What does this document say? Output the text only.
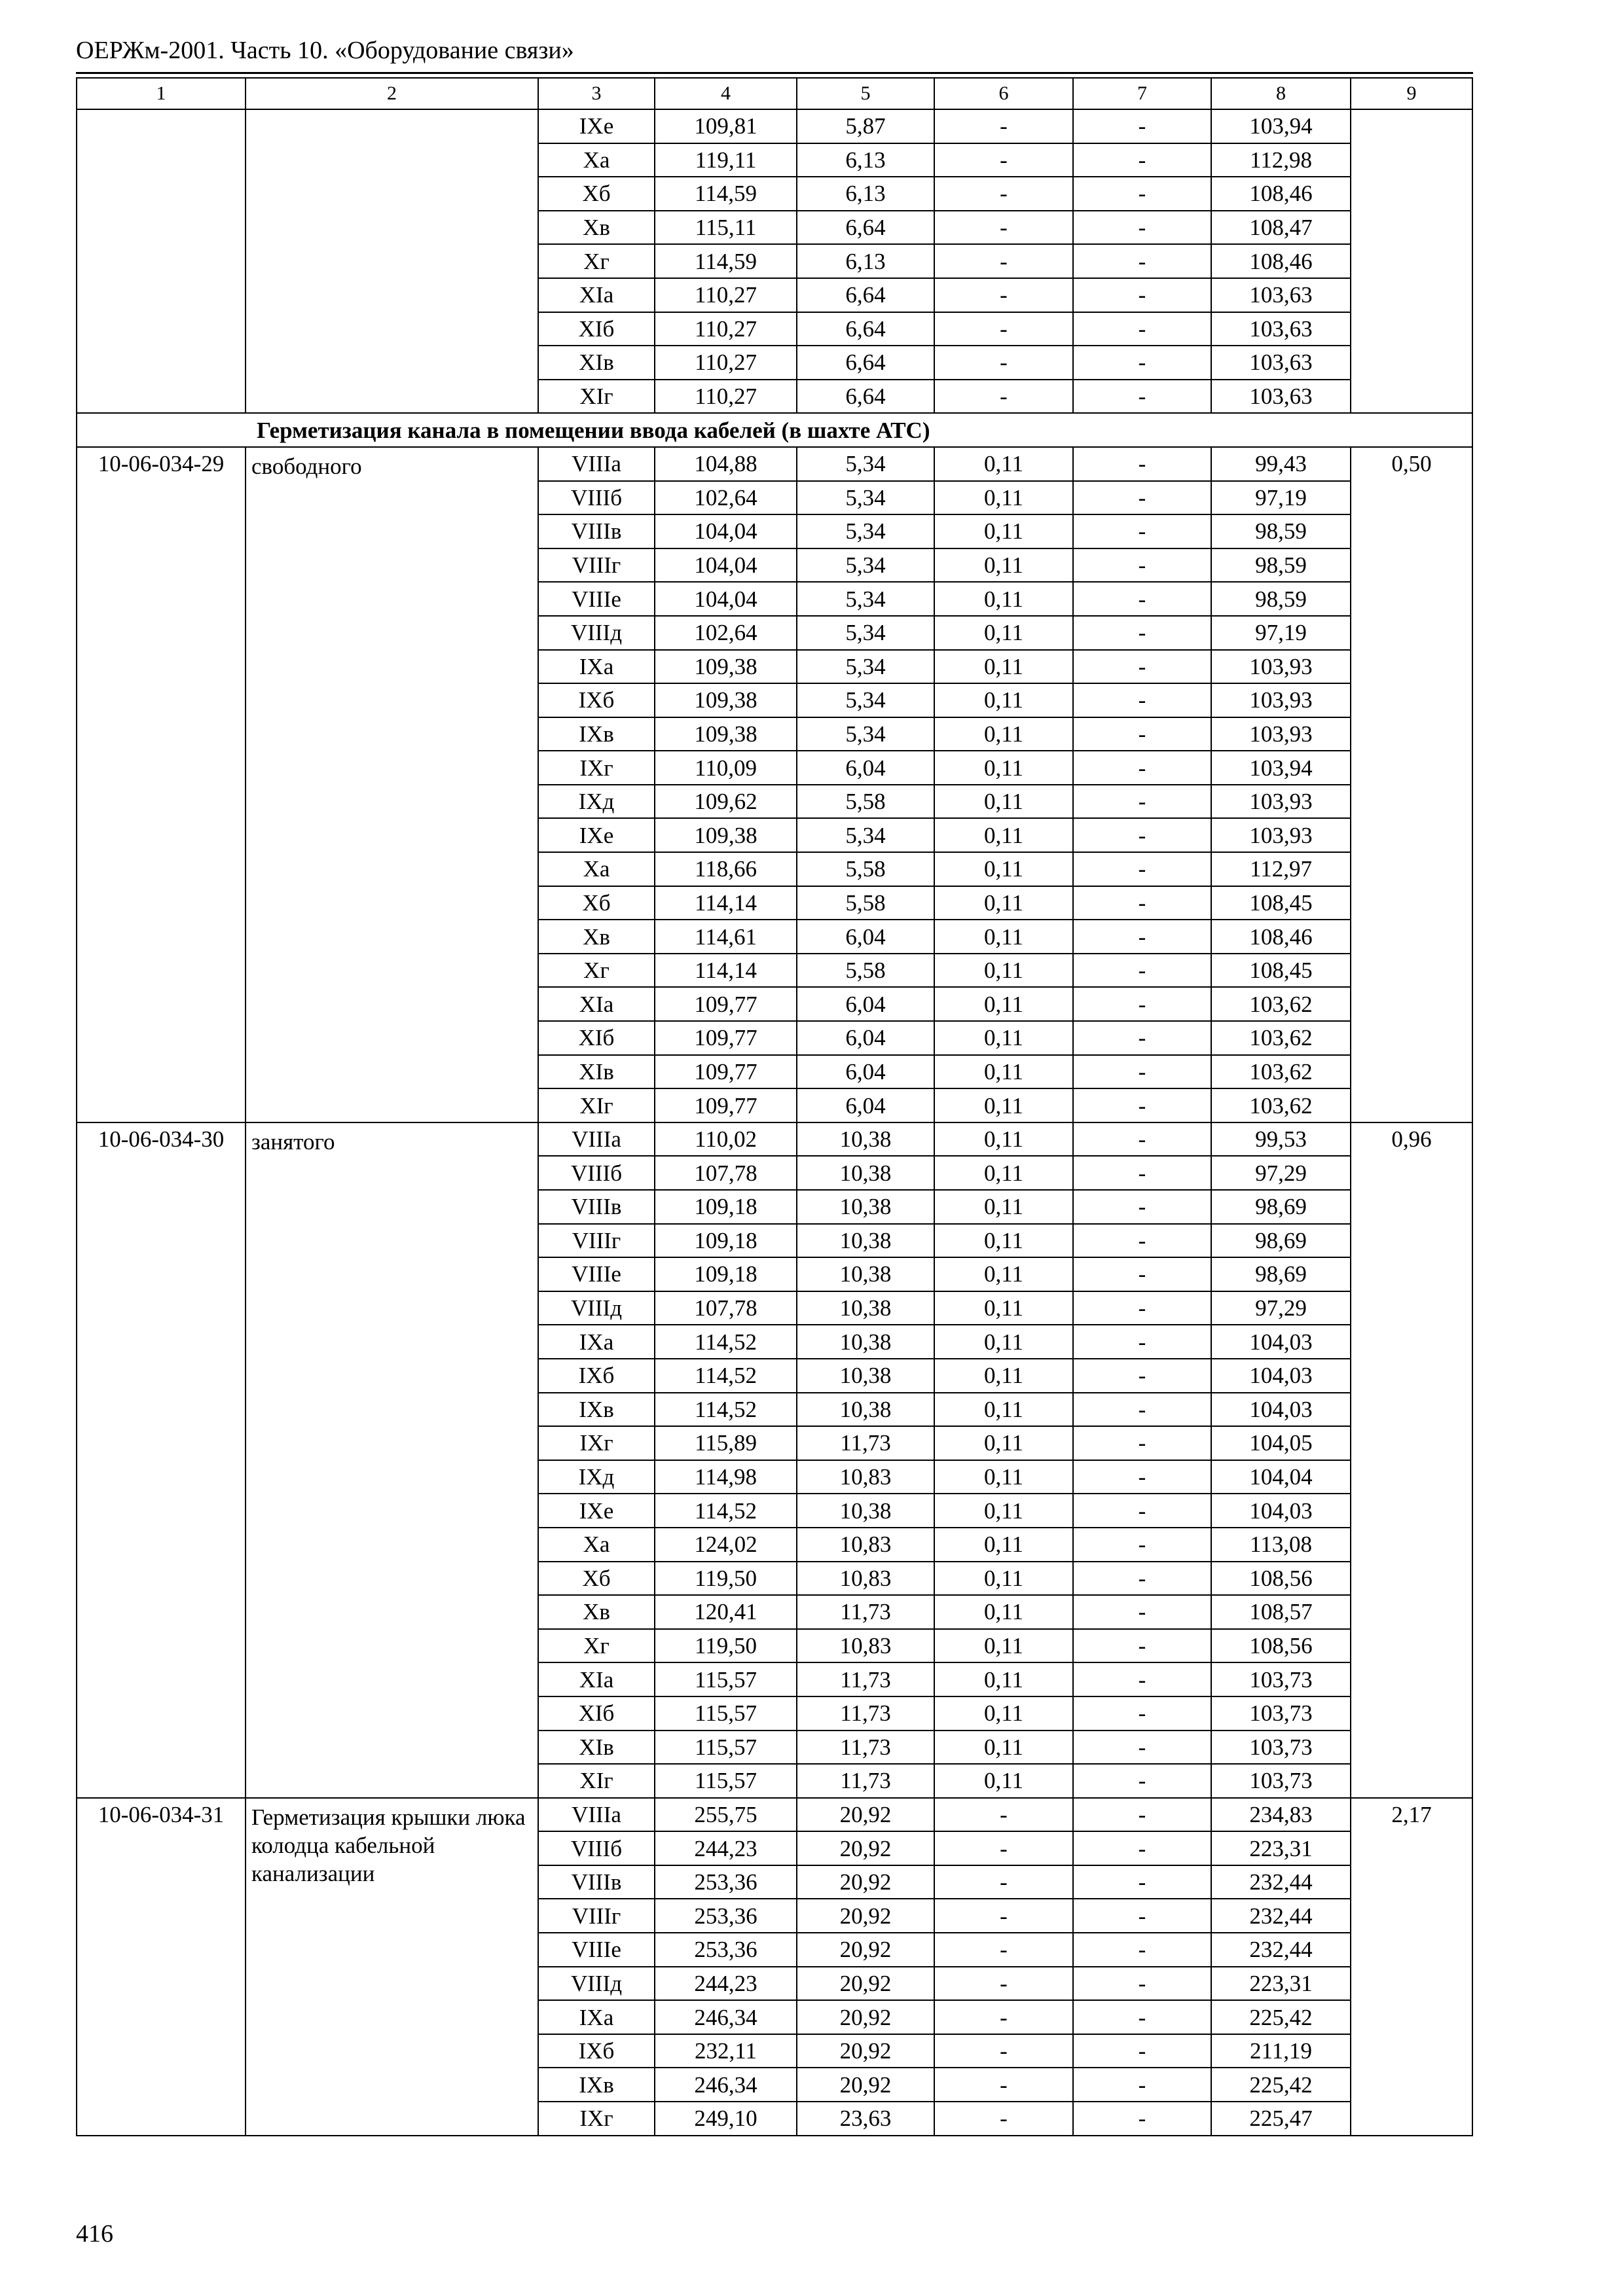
ОЕРЖм-2001. Часть 10. «Оборудование связи»
1	2	3	4	5	6	7	8	9
		IXe	109,81	5,87	-	-	103,94	
		Xa	119,11	6,13	-	-	112,98	
		Xб	114,59	6,13	-	-	108,46	
		Xв	115,11	6,64	-	-	108,47	
		Xг	114,59	6,13	-	-	108,46	
		XIa	110,27	6,64	-	-	103,63	
		XIб	110,27	6,64	-	-	103,63	
		XIв	110,27	6,64	-	-	103,63	
		XIг	110,27	6,64	-	-	103,63	
Герметизация канала в помещении ввода кабелей (в шахте АТС)								
10-06-034-29	свободного	VIIIa	104,88	5,34	0,11	-	99,43	0,50
		VIIIб	102,64	5,34	0,11	-	97,19	
		VIIIв	104,04	5,34	0,11	-	98,59	
		VIIIг	104,04	5,34	0,11	-	98,59	
		VIIIe	104,04	5,34	0,11	-	98,59	
		VIIIд	102,64	5,34	0,11	-	97,19	
		IXa	109,38	5,34	0,11	-	103,93	
		IXб	109,38	5,34	0,11	-	103,93	
		IXв	109,38	5,34	0,11	-	103,93	
		IXг	110,09	6,04	0,11	-	103,94	
		IXд	109,62	5,58	0,11	-	103,93	
		IXe	109,38	5,34	0,11	-	103,93	
		Xa	118,66	5,58	0,11	-	112,97	
		Xб	114,14	5,58	0,11	-	108,45	
		Xв	114,61	6,04	0,11	-	108,46	
		Xг	114,14	5,58	0,11	-	108,45	
		XIa	109,77	6,04	0,11	-	103,62	
		XIб	109,77	6,04	0,11	-	103,62	
		XIв	109,77	6,04	0,11	-	103,62	
		XIг	109,77	6,04	0,11	-	103,62	
10-06-034-30	занятого	VIIIa	110,02	10,38	0,11	-	99,53	0,96
		VIIIб	107,78	10,38	0,11	-	97,29	
		VIIIв	109,18	10,38	0,11	-	98,69	
		VIIIг	109,18	10,38	0,11	-	98,69	
		VIIIe	109,18	10,38	0,11	-	98,69	
		VIIIд	107,78	10,38	0,11	-	97,29	
		IXa	114,52	10,38	0,11	-	104,03	
		IXб	114,52	10,38	0,11	-	104,03	
		IXв	114,52	10,38	0,11	-	104,03	
		IXг	115,89	11,73	0,11	-	104,05	
		IXд	114,98	10,83	0,11	-	104,04	
		IXe	114,52	10,38	0,11	-	104,03	
		Xa	124,02	10,83	0,11	-	113,08	
		Xб	119,50	10,83	0,11	-	108,56	
		Xв	120,41	11,73	0,11	-	108,57	
		Xг	119,50	10,83	0,11	-	108,56	
		XIa	115,57	11,73	0,11	-	103,73	
		XIб	115,57	11,73	0,11	-	103,73	
		XIв	115,57	11,73	0,11	-	103,73	
		XIг	115,57	11,73	0,11	-	103,73	
10-06-034-31	Герметизация крышки люка колодца кабельной канализации	VIIIa	255,75	20,92	-	-	234,83	2,17
		VIIIб	244,23	20,92	-	-	223,31	
		VIIIв	253,36	20,92	-	-	232,44	
		VIIIг	253,36	20,92	-	-	232,44	
		VIIIe	253,36	20,92	-	-	232,44	
		VIIIд	244,23	20,92	-	-	223,31	
		IXa	246,34	20,92	-	-	225,42	
		IXб	232,11	20,92	-	-	211,19	
		IXв	246,34	20,92	-	-	225,42	
		IXг	249,10	23,63	-	-	225,47	
416
